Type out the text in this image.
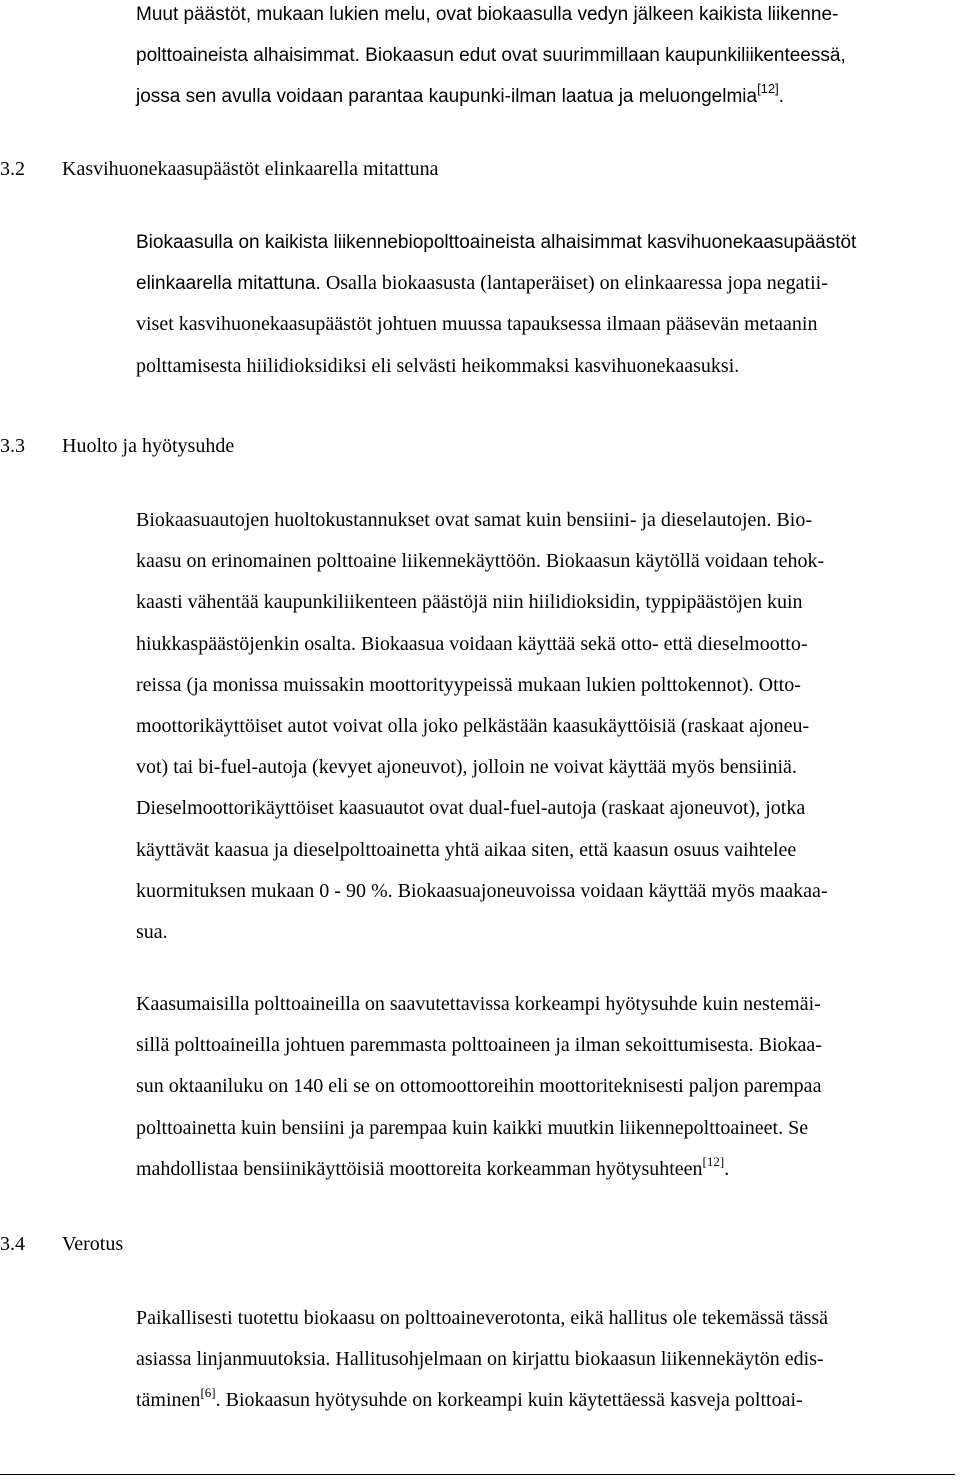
Muut päästöt, mukaan lukien melu, ovat biokaasulla vedyn jälkeen kaikista liikenne-
polttoaineista alhaisimmat. Biokaasun edut ovat suurimmillaan kaupunkiliikenteessä,
jossa sen avulla voidaan parantaa kaupunki-ilman laatua ja meluongelmia[12].
3.2 Kasvihuonekaasupäästöt elinkaarella mitattuna
Biokaasulla on kaikista liikennebiopolttoaineista alhaisimmat kasvihuonekaasupäästöt
elinkaarella mitattuna. Osalla biokaasusta (lantaperäiset) on elinkaaressa jopa negatii-
viset kasvihuonekaasupäästöt johtuen muussa tapauksessa ilmaan pääsevän metaanin
polttamisesta hiilidioksidiksi eli selvästi heikommaksi kasvihuonekaasuksi.
3.3 Huolto ja hyötysuhde
Biokaasuautojen huoltokustannukset ovat samat kuin bensiini- ja dieselautojen. Bio-
kaasu on erinomainen polttoaine liikennekäyttöön. Biokaasun käytöllä voidaan tehok-
kaasti vähentää kaupunkiliikenteen päästöjä niin hiilidioksidin, typpipäästöjen kuin
hiukkaspäästöjenkin osalta. Biokaasua voidaan käyttää sekä otto- että dieselmootto-
reissa (ja monissa muissakin moottorityypeissä mukaan lukien polttokennot). Otto-
moottorikäyttöiset autot voivat olla joko pelkästään kaasukäyttöisiä (raskaat ajoneu-
vot) tai bi-fuel-autoja (kevyet ajoneuvot), jolloin ne voivat käyttää myös bensiiniä.
Dieselmoottorikäyttöiset kaasuautot ovat dual-fuel-autoja (raskaat ajoneuvot), jotka
käyttävät kaasua ja dieselpolttoainetta yhtä aikaa siten, että kaasun osuus vaihtelee
kuormituksen mukaan 0 - 90 %. Biokaasuajoneuvoissa voidaan käyttää myös maakaa-
sua.
Kaasumaisilla polttoaineilla on saavutettavissa korkeampi hyötysuhde kuin nestemäi-
sillä polttoaineilla johtuen paremmasta polttoaineen ja ilman sekoittumisesta. Biokaa-
sun oktaaniluku on 140 eli se on ottomoottoreihin moottoriteknisesti paljon parempaa
polttoainetta kuin bensiini ja parempaa kuin kaikki muutkin liikennepolttoaineet. Se
mahdollistaa bensiinikäyttöisiä moottoreita korkeamman hyötysuhteen[12].
3.4 Verotus
Paikallisesti tuotettu biokaasu on polttoaineverotonta, eikä hallitus ole tekemässä tässä
asiassa linjanmuutoksia. Hallitusohjelmaan on kirjattu biokaasun liikennekäytön edis-
täminen[6]. Biokaasun hyötysuhde on korkeampi kuin käytettäessä kasveja polttoai-
